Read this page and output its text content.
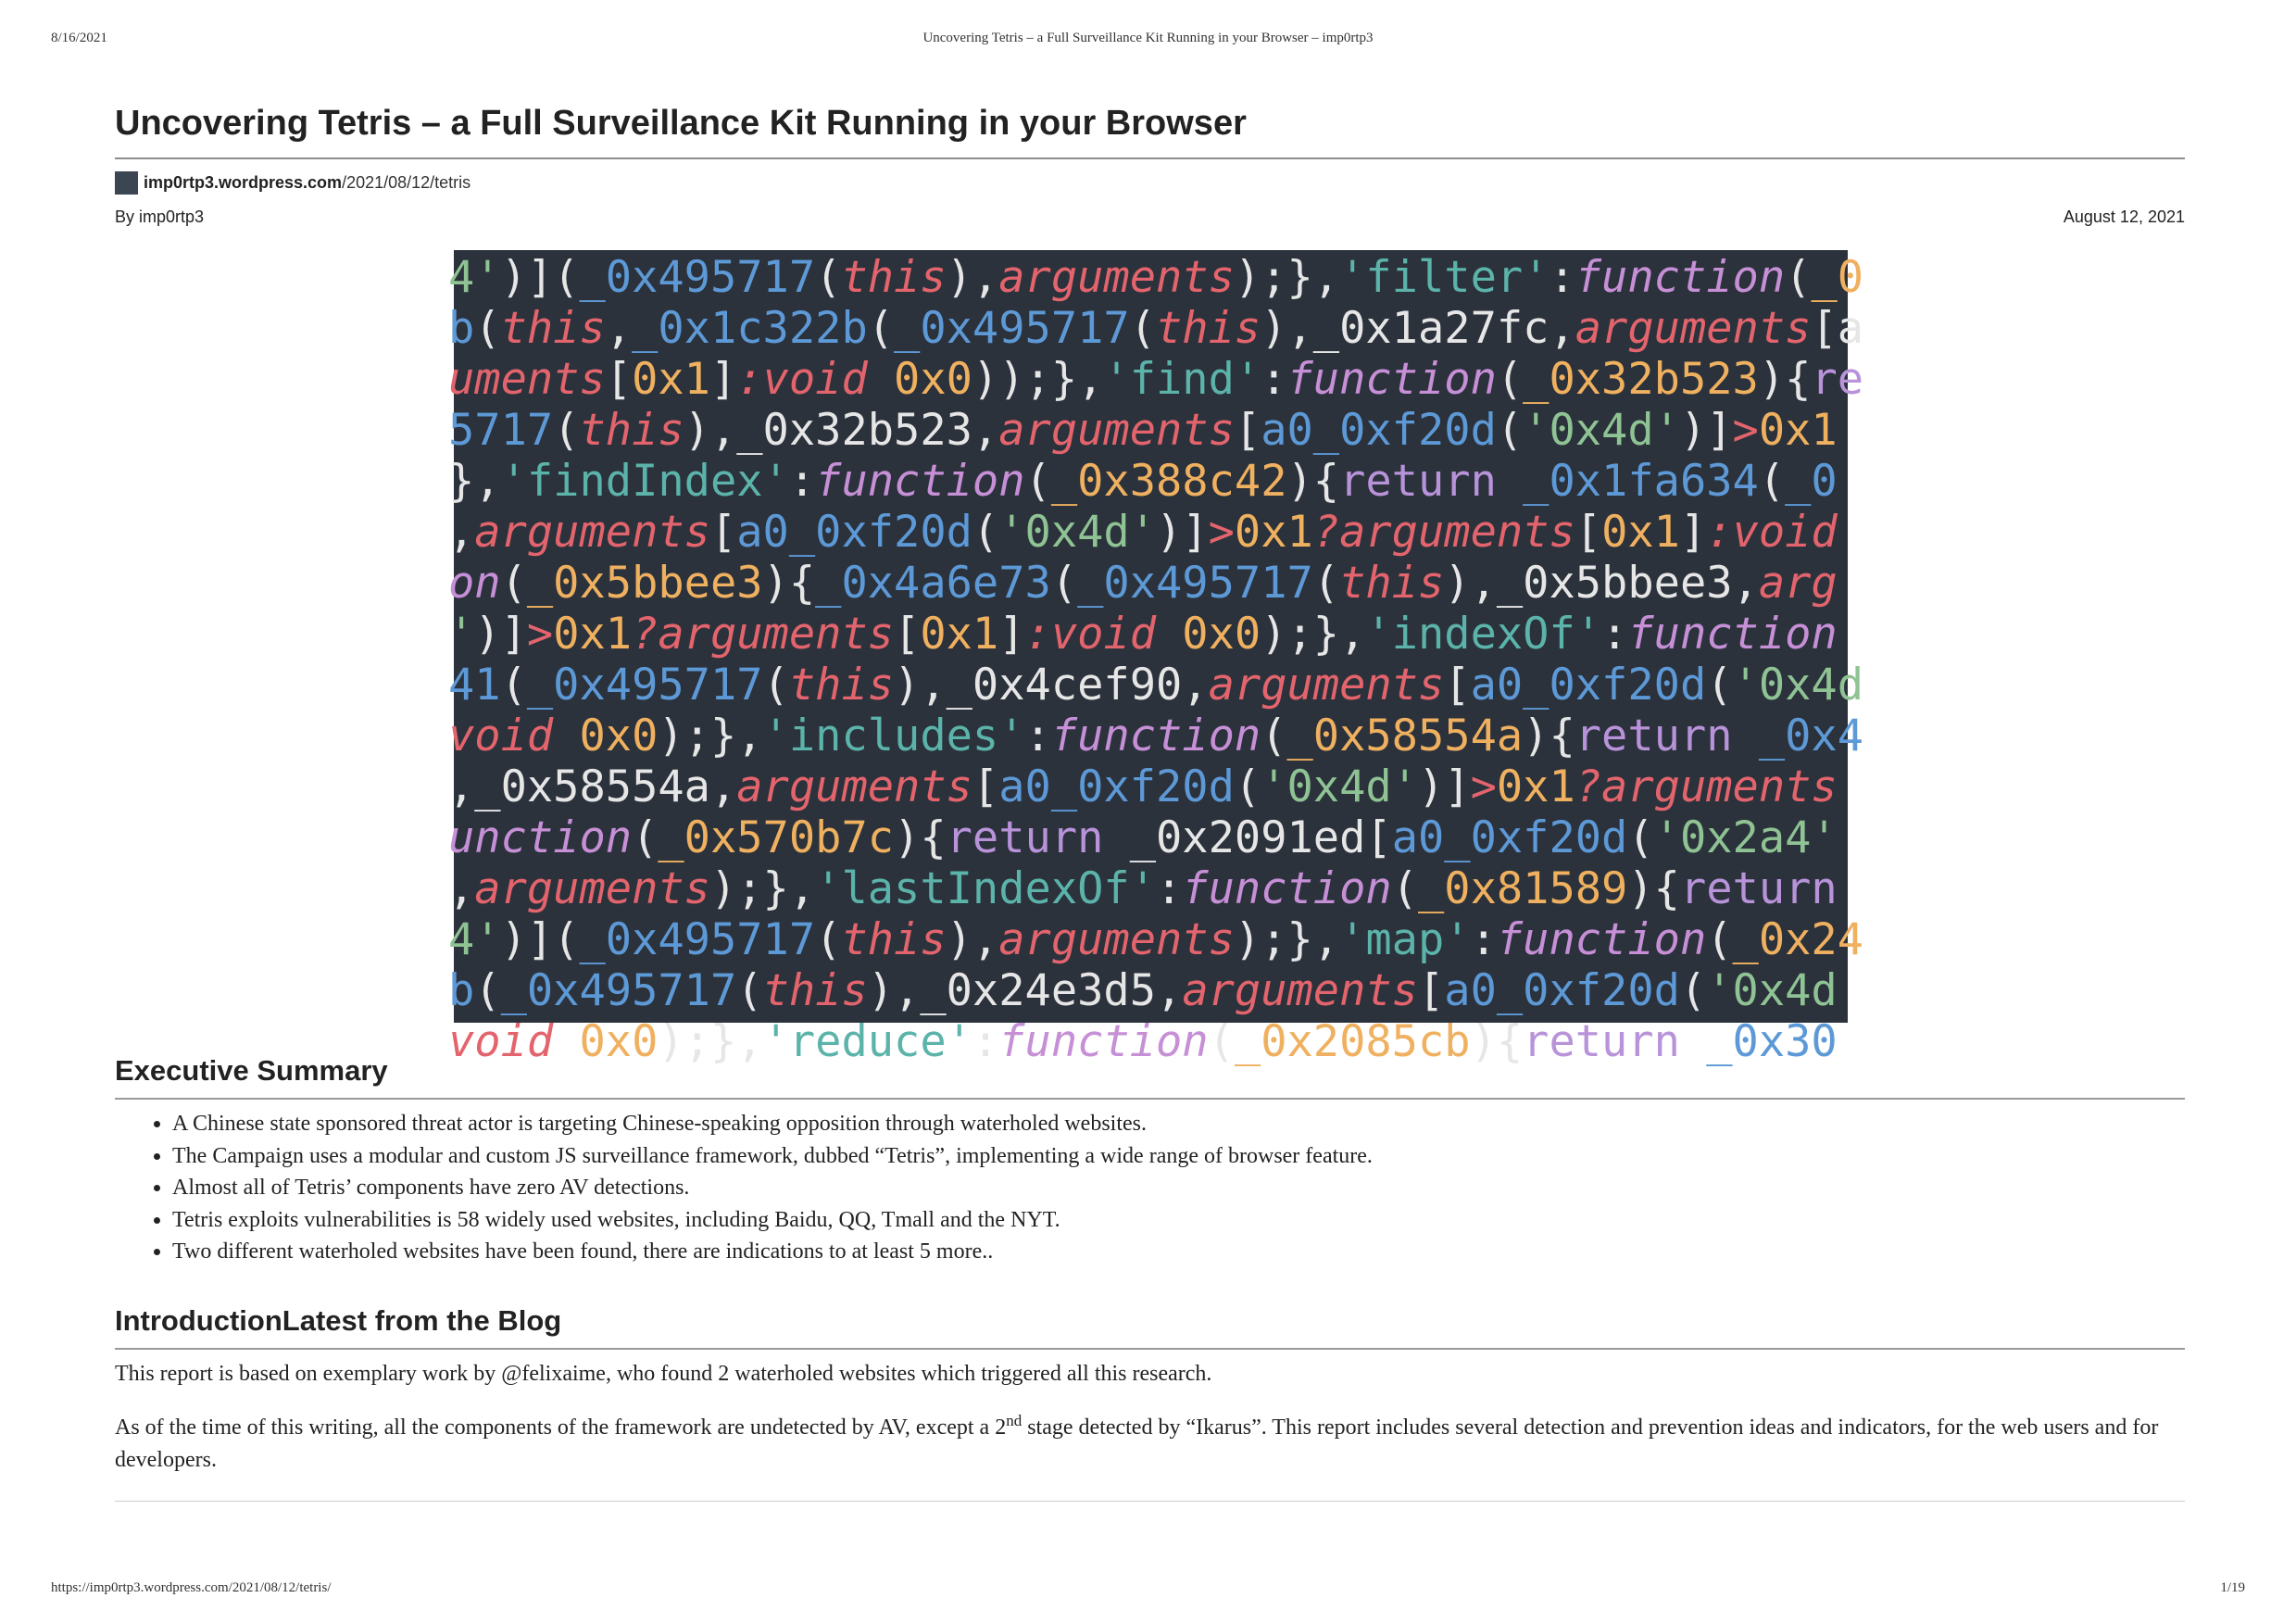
8/16/2021	Uncovering Tetris – a Full Surveillance Kit Running in your Browser – imp0rtp3
Uncovering Tetris – a Full Surveillance Kit Running in your Browser
imp0rtp3.wordpress.com /2021/08/12/tetris
By imp0rtp3	August 12, 2021
4')](_0x495717(this),arguments);},'filter':function(_0
b(this,_0x1c322b(_0x495717(this),_0x1a27fc,arguments[a
uments[0x1]:void 0x0));},'find':function(_0x32b523){re
5717(this),_0x32b523,arguments[a0_0xf20d('0x4d')]>0x1
},'findIndex':function(_0x388c42){return _0x1fa634(_0
,arguments[a0_0xf20d('0x4d')]>0x1?arguments[0x1]:void
on(_0x5bbee3){_0x4a6e73(_0x495717(this),_0x5bbee3,arg
')]>0x1?arguments[0x1]:void 0x0);},'indexOf':function
41(_0x495717(this),_0x4cef90,arguments[a0_0xf20d('0x4d
void 0x0);},'includes':function(_0x58554a){return _0x4
,_0x58554a,arguments[a0_0xf20d('0x4d')]>0x1?arguments
unction(_0x570b7c){return _0x2091ed[a0_0xf20d('0x2a4'
,arguments);},'lastIndexOf':function(_0x81589){return
4')](_0x495717(this),arguments);},'map':function(_0x24
b(_0x495717(this),_0x24e3d5,arguments[a0_0xf20d('0x4d
void 0x0);},'reduce':function(_0x2085cb){return _0x30
Executive Summary
• A Chinese state sponsored threat actor is targeting Chinese-speaking opposition through waterholed websites.
• The Campaign uses a modular and custom JS surveillance framework, dubbed “Tetris”, implementing a wide range of browser feature.
• Almost all of Tetris’ components have zero AV detections.
• Tetris exploits vulnerabilities is 58 widely used websites, including Baidu, QQ, Tmall and the NYT.
• Two different waterholed websites have been found, there are indications to at least 5 more..
IntroductionLatest from the Blog

This report is based on exemplary work by @felixaime, who found 2 waterholed websites which triggered all this research.

As of the time of this writing, all the components of the framework are undetected by AV, except a 2nd stage detected by “Ikarus”. This report includes several detection and prevention ideas and indicators, for the web users and for developers.

https://imp0rtp3.wordpress.com/2021/08/12/tetris/	1/19
